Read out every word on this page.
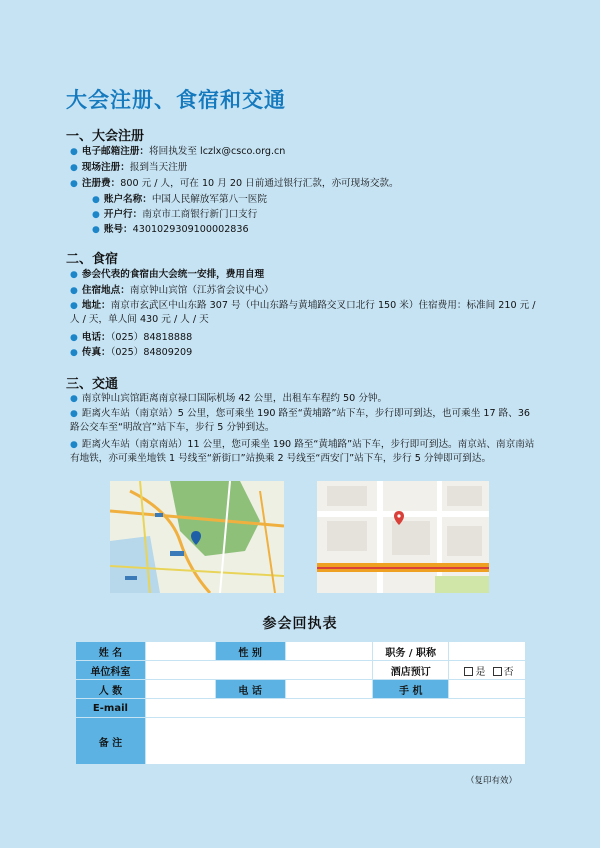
大会注册、食宿和交通
一、大会注册
● 电子邮箱注册：将回执发至 lczlx@csco.org.cn
● 现场注册：报到当天注册
● 注册费：800 元 / 人，可在 10 月 20 日前通过银行汇款，亦可现场交款。
● 账户名称：中国人民解放军第八一医院
● 开户行：南京市工商银行新门口支行
● 账号：4301029309100002836
二、食宿
● 参会代表的食宿由大会统一安排，费用自理
● 住宿地点：南京钟山宾馆（江苏省会议中心）
● 地址：南京市玄武区中山东路 307 号（中山东路与黄埔路交叉口北行 150 米）住宿费用：标准间 210 元 / 人 / 天，单人间 430 元 / 人 / 天
● 电话：（025）84818888
● 传真：（025）84809209
三、交通
● 南京钟山宾馆距离南京禄口国际机场 42 公里，出租车车程约 50 分钟。
● 距离火车站（南京站）5 公里，您可乘坐 190 路至“黄埔路”站下车，步行即可到达，也可乘坐 17 路、36 路公交车至“明故宫”站下车，步行 5 分钟到达。
● 距离火车站（南京南站）11 公里，您可乘坐 190 路至“黄埔路”站下车，步行即可到达。南京站、南京南站有地铁，亦可乘坐地铁 1 号线至“新街口”站换乘 2 号线至“西安门”站下车，步行 5 分钟即可到达。
参会回执表
姓 名		性 别		职务 / 职称	
单位科室				酒店预订	是 否
人 数		电 话		手 机	
E-mail					
备 注					
（复印有效）
